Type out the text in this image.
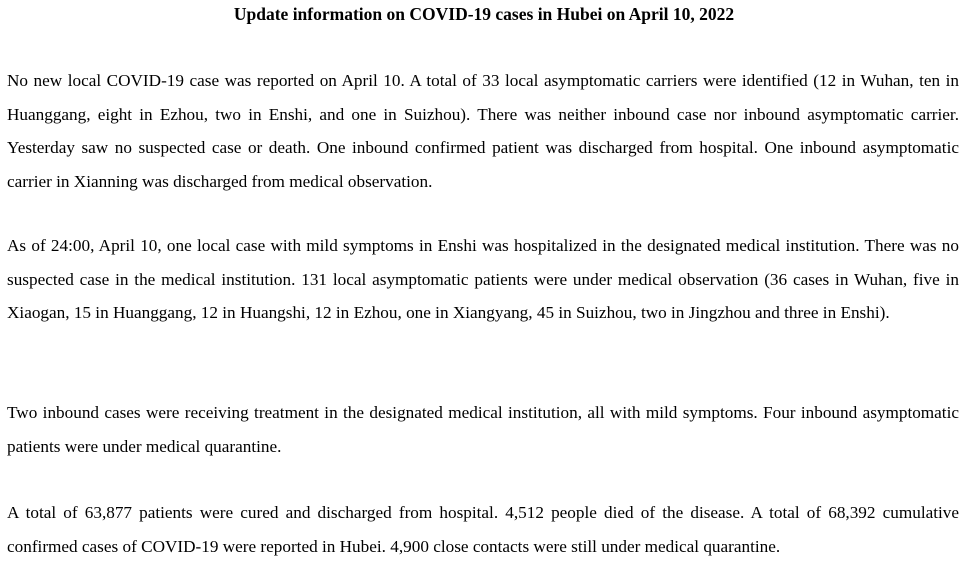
Update information on COVID-19 cases in Hubei on April 10, 2022

No new local COVID-19 case was reported on April 10. A total of 33 local asymptomatic carriers were identified (12 in Wuhan, ten in Huanggang, eight in Ezhou, two in Enshi, and one in Suizhou). There was neither inbound case nor inbound asymptomatic carrier. Yesterday saw no suspected case or death. One inbound confirmed patient was discharged from hospital. One inbound asymptomatic carrier in Xianning was discharged from medical observation.

As of 24:00, April 10, one local case with mild symptoms in Enshi was hospitalized in the designated medical institution. There was no suspected case in the medical institution. 131 local asymptomatic patients were under medical observation (36 cases in Wuhan, five in Xiaogan, 15 in Huanggang, 12 in Huangshi, 12 in Ezhou, one in Xiangyang, 45 in Suizhou, two in Jingzhou and three in Enshi).

Two inbound cases were receiving treatment in the designated medical institution, all with mild symptoms. Four inbound asymptomatic patients were under medical quarantine.

A total of 63,877 patients were cured and discharged from hospital. 4,512 people died of the disease. A total of 68,392 cumulative confirmed cases of COVID-19 were reported in Hubei. 4,900 close contacts were still under medical quarantine.
